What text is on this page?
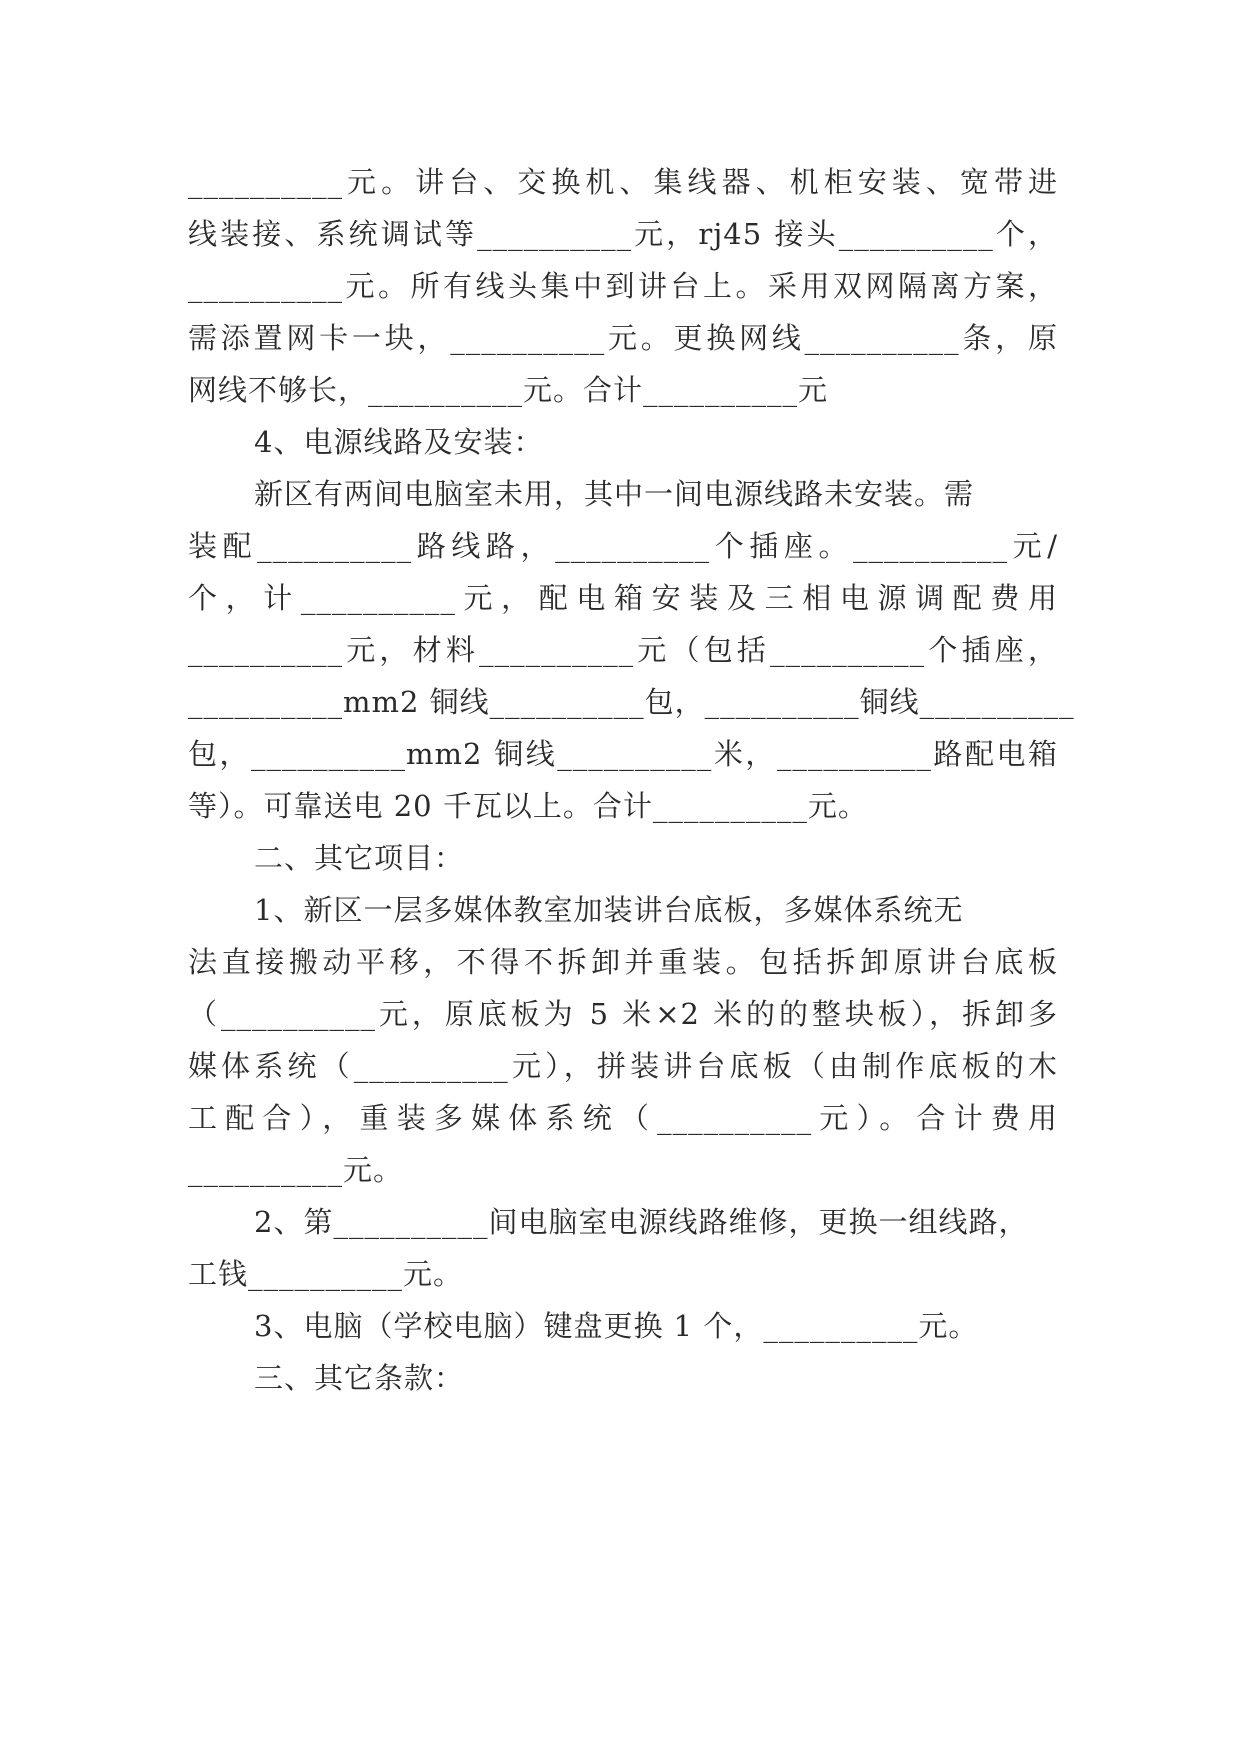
__________元。讲台、交换机、集线器、机柜安装、宽带进
线装接、系统调试等__________元，rj45 接头__________个，
__________元。所有线头集中到讲台上。采用双网隔离方案，
需添置网卡一块，__________元。更换网线__________条，原
网线不够长，__________元。合计__________元
4、电源线路及安装：
新区有两间电脑室未用，其中一间电源线路未安装。需
装配__________路线路，__________个插座。__________元/
个，计__________元，配电箱安装及三相电源调配费用
__________元，材料__________元（包括__________个插座，
__________mm2 铜线__________包，__________铜线__________
包，__________mm2 铜线__________米，__________路配电箱
等）。可靠送电 20 千瓦以上。合计__________元。
二、其它项目：
1、新区一层多媒体教室加装讲台底板，多媒体系统无
法直接搬动平移，不得不拆卸并重装。包括拆卸原讲台底板
（__________元，原底板为 5 米×2 米的的整块板），拆卸多
媒体系统（__________元），拼装讲台底板（由制作底板的木
工配合），重装多媒体系统（__________元）。合计费用
__________元。
2、第__________间电脑室电源线路维修，更换一组线路，
工钱__________元。
3、电脑（学校电脑）键盘更换 1 个，__________元。
三、其它条款：
